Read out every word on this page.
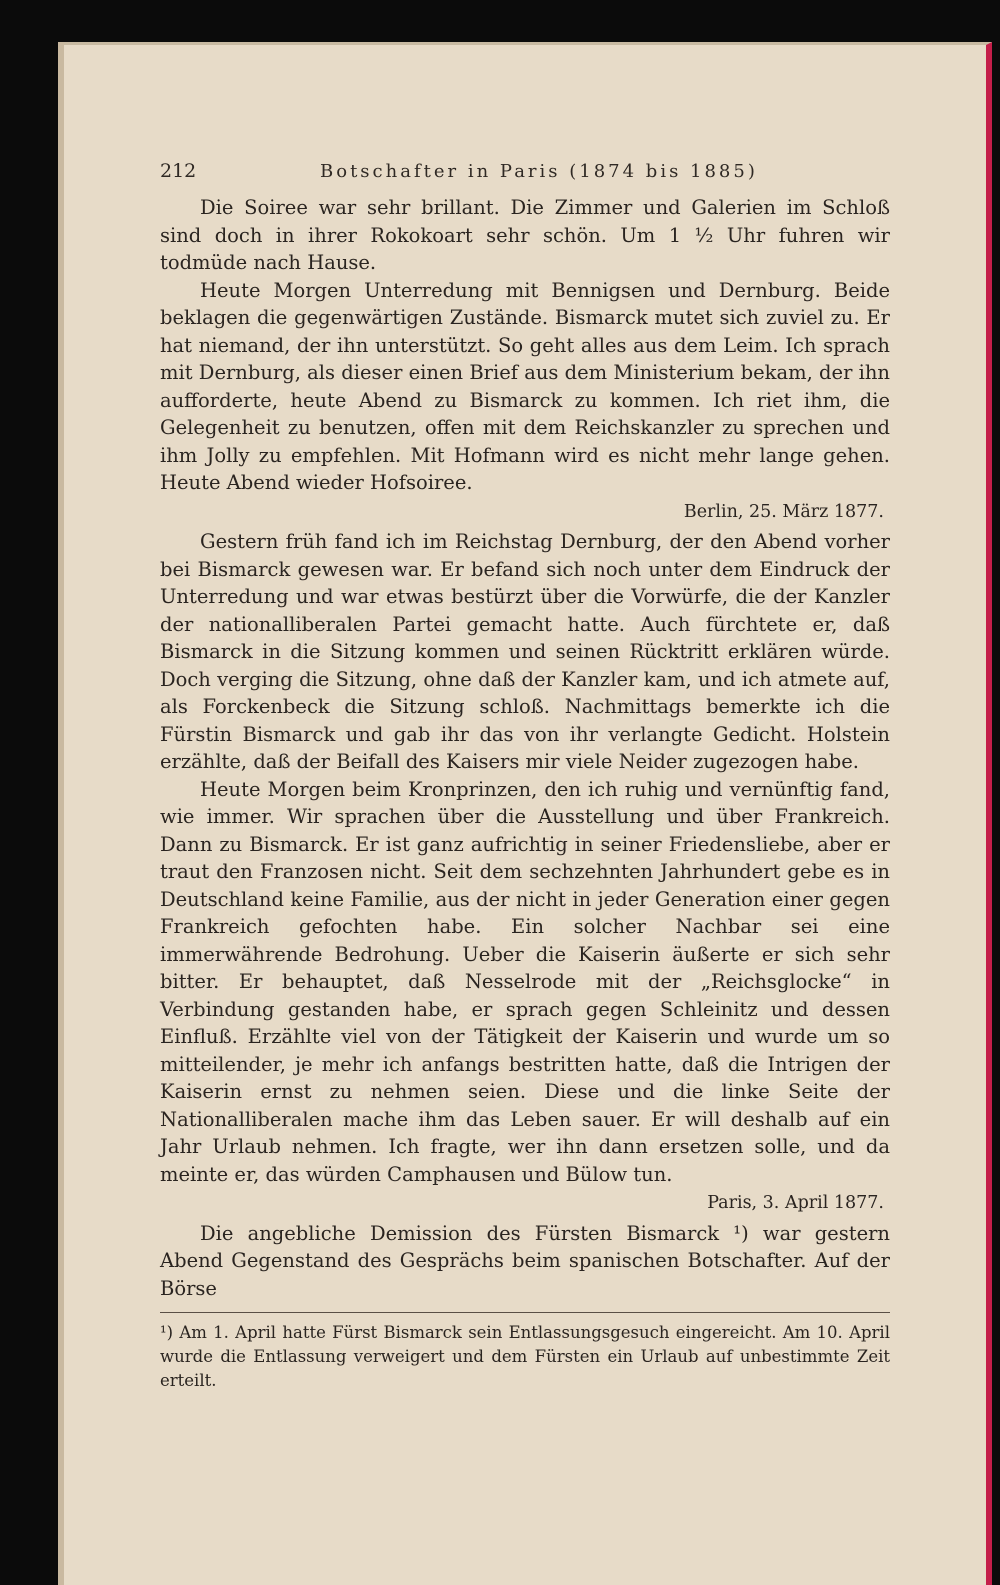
212	Botschafter in Paris (1874 bis 1885)

Die Soiree war sehr brillant. Die Zimmer und Galerien im Schloß sind doch in ihrer Rokokoart sehr schön. Um 1 ½ Uhr fuhren wir todmüde nach Hause.

Heute Morgen Unterredung mit Bennigsen und Dernburg. Beide beklagen die gegenwärtigen Zustände. Bismarck mutet sich zuviel zu. Er hat niemand, der ihn unterstützt. So geht alles aus dem Leim. Ich sprach mit Dernburg, als dieser einen Brief aus dem Ministerium bekam, der ihn aufforderte, heute Abend zu Bismarck zu kommen. Ich riet ihm, die Gelegenheit zu benutzen, offen mit dem Reichskanzler zu sprechen und ihm Jolly zu empfehlen. Mit Hofmann wird es nicht mehr lange gehen. Heute Abend wieder Hofsoiree.

Berlin, 25. März 1877.

Gestern früh fand ich im Reichstag Dernburg, der den Abend vorher bei Bismarck gewesen war. Er befand sich noch unter dem Eindruck der Unterredung und war etwas bestürzt über die Vorwürfe, die der Kanzler der nationalliberalen Partei gemacht hatte. Auch fürchtete er, daß Bismarck in die Sitzung kommen und seinen Rücktritt erklären würde. Doch verging die Sitzung, ohne daß der Kanzler kam, und ich atmete auf, als Forckenbeck die Sitzung schloß. Nachmittags bemerkte ich die Fürstin Bismarck und gab ihr das von ihr verlangte Gedicht. Holstein erzählte, daß der Beifall des Kaisers mir viele Neider zugezogen habe.

Heute Morgen beim Kronprinzen, den ich ruhig und vernünftig fand, wie immer. Wir sprachen über die Ausstellung und über Frankreich. Dann zu Bismarck. Er ist ganz aufrichtig in seiner Friedensliebe, aber er traut den Franzosen nicht. Seit dem sechzehnten Jahrhundert gebe es in Deutschland keine Familie, aus der nicht in jeder Generation einer gegen Frankreich gefochten habe. Ein solcher Nachbar sei eine immerwährende Bedrohung. Ueber die Kaiserin äußerte er sich sehr bitter. Er behauptet, daß Nesselrode mit der „Reichsglocke“ in Verbindung gestanden habe, er sprach gegen Schleinitz und dessen Einfluß. Erzählte viel von der Tätigkeit der Kaiserin und wurde um so mitteilender, je mehr ich anfangs bestritten hatte, daß die Intrigen der Kaiserin ernst zu nehmen seien. Diese und die linke Seite der Nationalliberalen mache ihm das Leben sauer. Er will deshalb auf ein Jahr Urlaub nehmen. Ich fragte, wer ihn dann ersetzen solle, und da meinte er, das würden Camphausen und Bülow tun.

Paris, 3. April 1877.

Die angebliche Demission des Fürsten Bismarck ¹) war gestern Abend Gegenstand des Gesprächs beim spanischen Botschafter. Auf der Börse

¹) Am 1. April hatte Fürst Bismarck sein Entlassungsgesuch eingereicht. Am 10. April wurde die Entlassung verweigert und dem Fürsten ein Urlaub auf unbestimmte Zeit erteilt.
